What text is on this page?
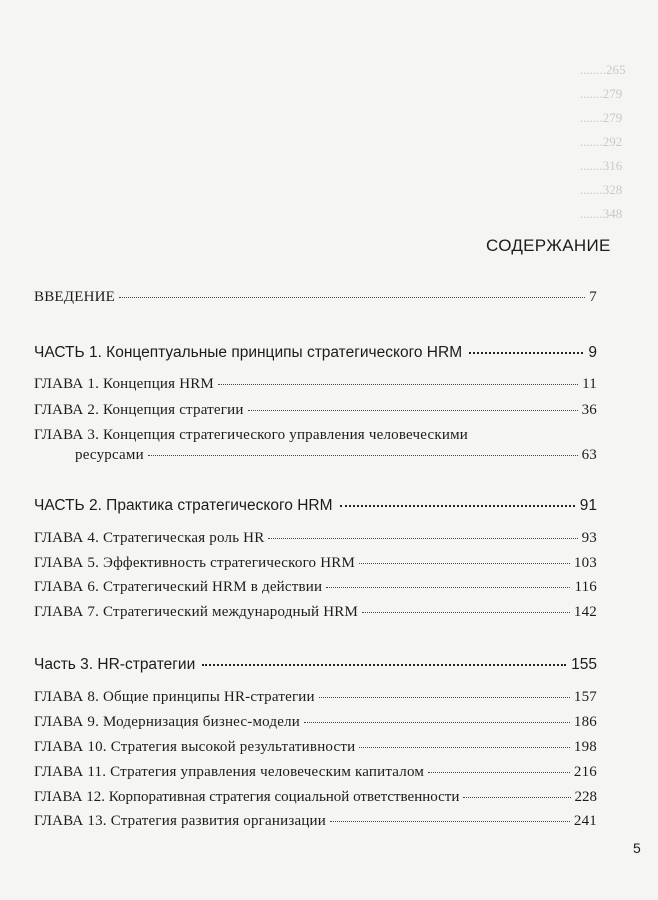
........265
.......279
.......279
.......292
.......316
.......328
.......348
СОДЕРЖАНИЕ
ВВЕДЕНИЕ	7
ЧАСТЬ 1. Концептуальные принципы стратегического HRM	9
ГЛАВА 1. Концепция HRM	11
ГЛАВА 2. Концепция стратегии	36
ГЛАВА 3. Концепция стратегического управления человеческими
ресурсами	63
ЧАСТЬ 2. Практика стратегического HRM	91
ГЛАВА 4. Стратегическая роль HR	93
ГЛАВА 5. Эффективность стратегического HRM	103
ГЛАВА 6. Стратегический HRM в действии	116
ГЛАВА 7. Стратегический международный HRM	142
Часть 3. HR-стратегии	155
ГЛАВА 8. Общие принципы HR-стратегии	157
ГЛАВА 9. Модернизация бизнес-модели	186
ГЛАВА 10. Стратегия высокой результативности	198
ГЛАВА 11. Стратегия управления человеческим капиталом	216
ГЛАВА 12. Корпоративная стратегия социальной ответственности	228
ГЛАВА 13. Стратегия развития организации	241
5
